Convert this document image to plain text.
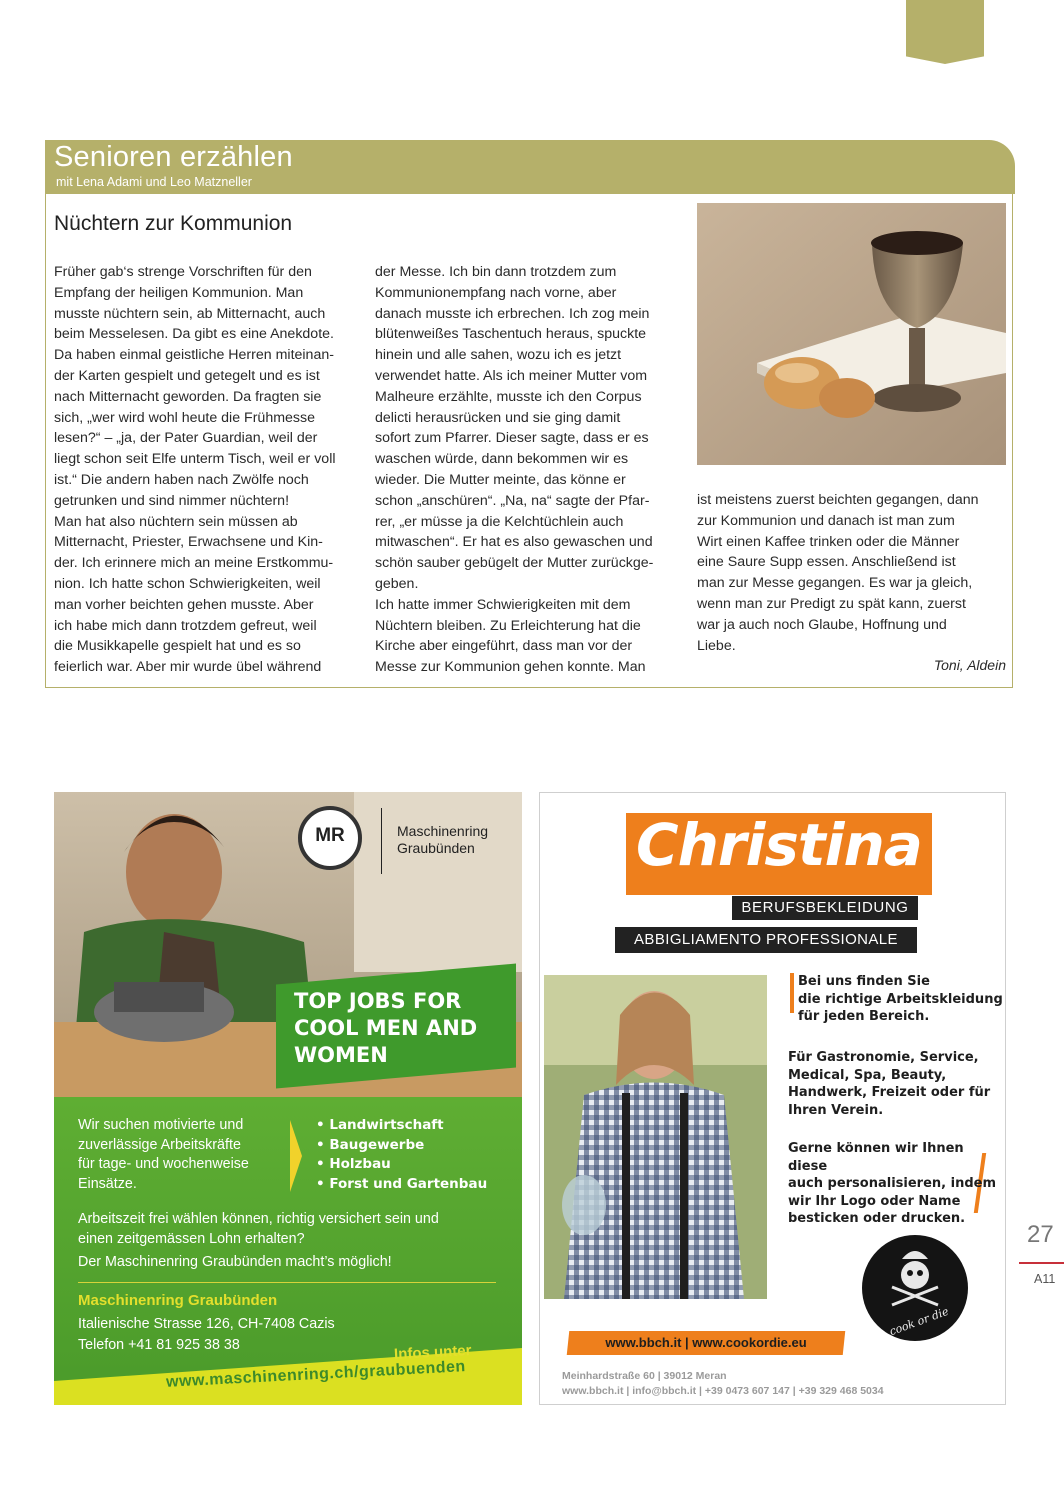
Senioren erzählen
mit Lena Adami und Leo Matzneller
Nüchtern zur Kommunion
Früher gab‘s strenge Vorschriften für den
Empfang der heiligen Kommunion. Man
musste nüchtern sein, ab Mitternacht, auch
beim Messelesen. Da gibt es eine Anekdote.
Da haben einmal geistliche Herren miteinan-
der Karten gespielt und getegelt und es ist
nach Mitternacht geworden. Da fragten sie
sich, „wer wird wohl heute die Frühmesse
lesen?“ – „ja, der Pater Guardian, weil der
liegt schon seit Elfe unterm Tisch, weil er voll
ist.“ Die andern haben nach Zwölfe noch
getrunken und sind nimmer nüchtern!
Man hat also nüchtern sein müssen ab
Mitternacht, Priester, Erwachsene und Kin-
der. Ich erinnere mich an meine Erstkommu-
nion. Ich hatte schon Schwierigkeiten, weil
man vorher beichten gehen musste. Aber
ich habe mich dann trotzdem gefreut, weil
die Musikkapelle gespielt hat und es so
feierlich war. Aber mir wurde übel während
der Messe. Ich bin dann trotzdem zum
Kommunionempfang nach vorne, aber
danach musste ich erbrechen. Ich zog mein
blütenweißes Taschentuch heraus, spuckte
hinein und alle sahen, wozu ich es jetzt
verwendet hatte. Als ich meiner Mutter vom
Malheure erzählte, musste ich den Corpus
delicti herausrücken und sie ging damit
sofort zum Pfarrer. Dieser sagte, dass er es
waschen würde, dann bekommen wir es
wieder. Die Mutter meinte, das könne er
schon „anschüren“. „Na, na“ sagte der Pfar-
rer, „er müsse ja die Kelchtüchlein auch
mitwaschen“. Er hat es also gewaschen und
schön sauber gebügelt der Mutter zurückge-
geben.
Ich hatte immer Schwierigkeiten mit dem
Nüchtern bleiben. Zu Erleichterung hat die
Kirche aber eingeführt, dass man vor der
Messe zur Kommunion gehen konnte. Man
ist meistens zuerst beichten gegangen, dann
zur Kommunion und danach ist man zum
Wirt einen Kaffee trinken oder die Männer
eine Saure Supp essen. Anschließend ist
man zur Messe gegangen. Es war ja gleich,
wenn man zur Predigt zu spät kann, zuerst
war ja auch noch Glaube, Hoffnung und
Liebe.
Toni, Aldein
MR	Maschinenring
Graubünden
TOP JOBS FOR
COOL MEN AND
WOMEN
Wir suchen motivierte und
zuverlässige Arbeitskräfte
für tage- und wochenweise
Einsätze.
• Landwirtschaft
• Baugewerbe
• Holzbau
• Forst und Gartenbau
Arbeitszeit frei wählen können, richtig versichert sein und
einen zeitgemässen Lohn erhalten?
Der Maschinenring Graubünden macht’s möglich!
Maschinenring Graubünden
Italienische Strasse 126, CH-7408 Cazis
Telefon +41 81 925 38 38	Infos unter
www.maschinenring.ch/graubuenden
Christina
BERUFSBEKLEIDUNG
ABBIGLIAMENTO PROFESSIONALE
Bei uns finden Sie
die richtige Arbeitskleidung
für jeden Bereich.
Für Gastronomie, Service,
Medical, Spa, Beauty,
Handwerk, Freizeit oder für
Ihren Verein.
Gerne können wir Ihnen diese
auch personalisieren, indem
wir Ihr Logo oder Name
besticken oder drucken.
cook or die
www.bbch.it | www.cookordie.eu
Meinhardstraße 60 | 39012 Meran
www.bbch.it | info@bbch.it | +39 0473 607 147 | +39 329 468 5034
27
A11
